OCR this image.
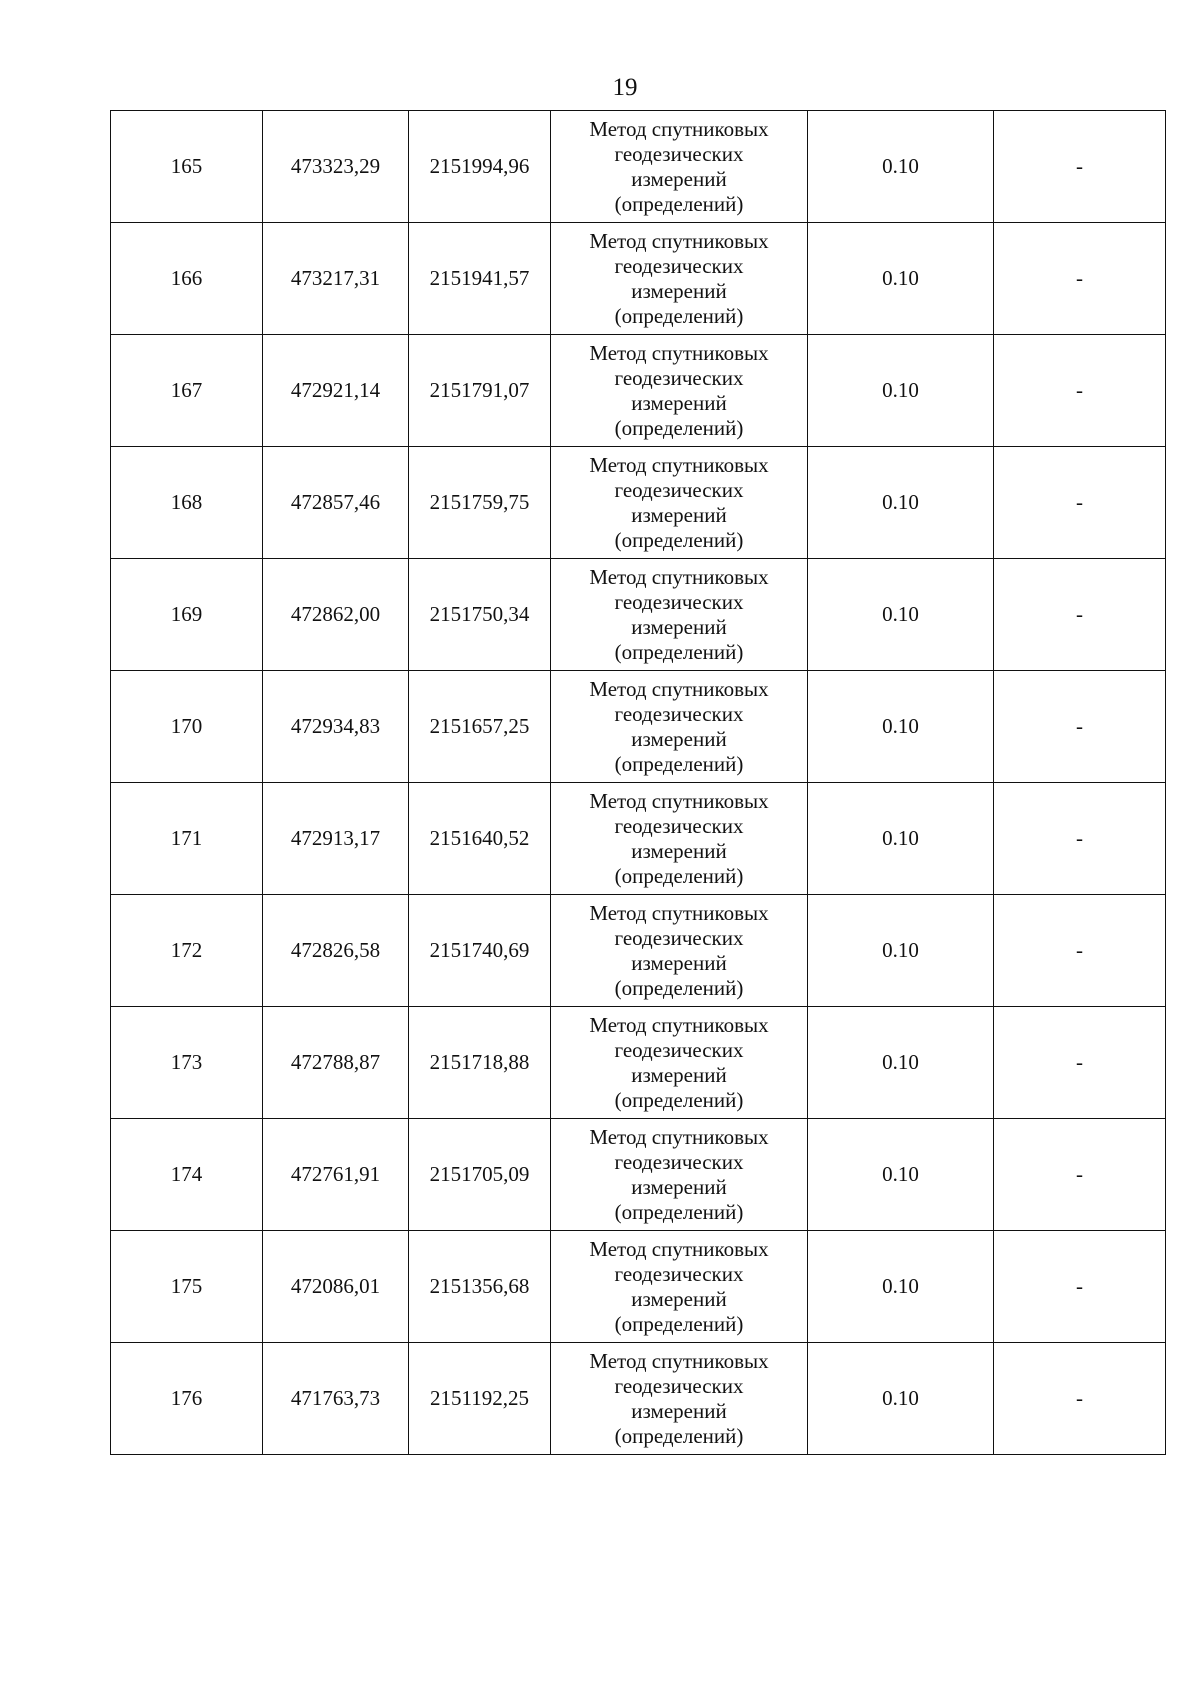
19
165	473323,29	2151994,96	Метод спутниковых
геодезических
измерений
(определений)	0.10	-
166	473217,31	2151941,57	Метод спутниковых
геодезических
измерений
(определений)	0.10	-
167	472921,14	2151791,07	Метод спутниковых
геодезических
измерений
(определений)	0.10	-
168	472857,46	2151759,75	Метод спутниковых
геодезических
измерений
(определений)	0.10	-
169	472862,00	2151750,34	Метод спутниковых
геодезических
измерений
(определений)	0.10	-
170	472934,83	2151657,25	Метод спутниковых
геодезических
измерений
(определений)	0.10	-
171	472913,17	2151640,52	Метод спутниковых
геодезических
измерений
(определений)	0.10	-
172	472826,58	2151740,69	Метод спутниковых
геодезических
измерений
(определений)	0.10	-
173	472788,87	2151718,88	Метод спутниковых
геодезических
измерений
(определений)	0.10	-
174	472761,91	2151705,09	Метод спутниковых
геодезических
измерений
(определений)	0.10	-
175	472086,01	2151356,68	Метод спутниковых
геодезических
измерений
(определений)	0.10	-
176	471763,73	2151192,25	Метод спутниковых
геодезических
измерений
(определений)	0.10	-
